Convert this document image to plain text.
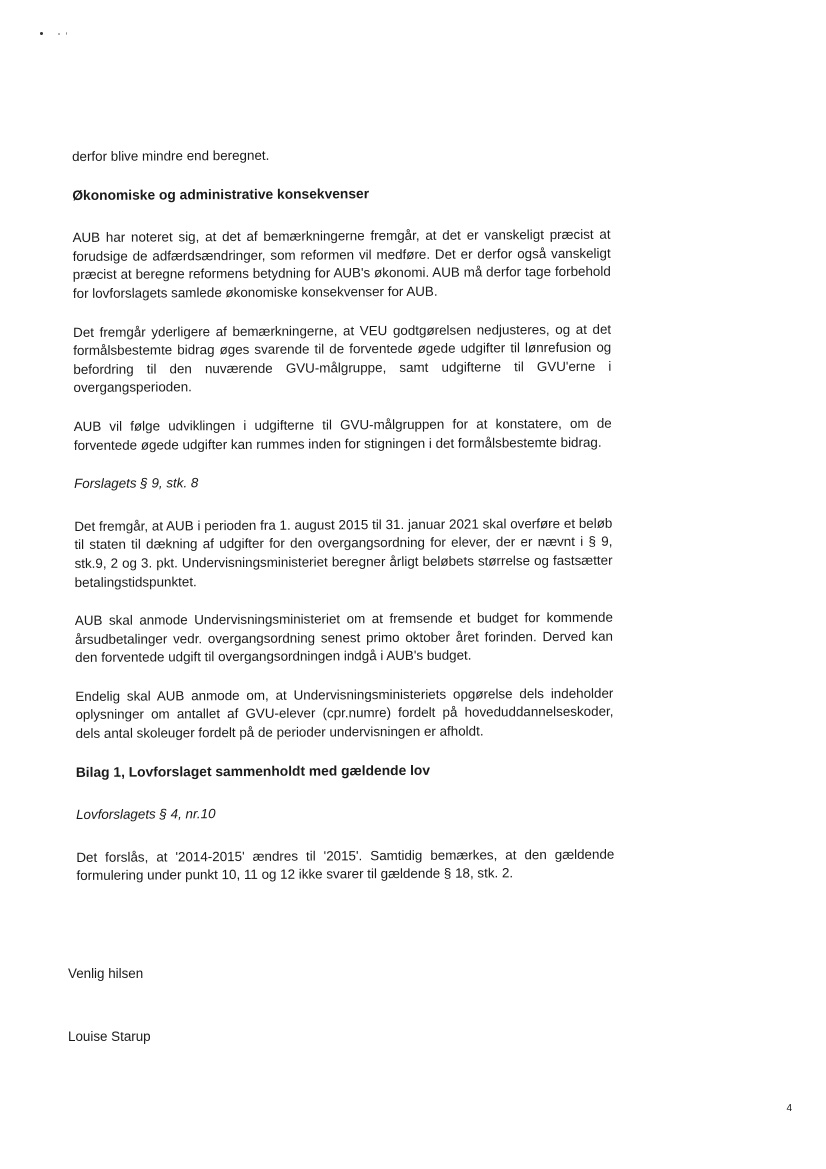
derfor blive mindre end beregnet.

Økonomiske og administrative konsekvenser

AUB har noteret sig, at det af bemærkningerne fremgår, at det er vanskeligt præcist at forudsige de adfærdsændringer, som reformen vil medføre. Det er derfor også vanskeligt præcist at beregne reformens betydning for AUB's økonomi. AUB må derfor tage forbehold for lovforslagets samlede økonomiske konsekvenser for AUB.

Det fremgår yderligere af bemærkningerne, at VEU godtgørelsen nedjusteres, og at det formålsbestemte bidrag øges svarende til de forventede øgede udgifter til lønrefusion og befordring til den nuværende GVU-målgruppe, samt udgifterne til GVU'erne i overgangsperioden.

AUB vil følge udviklingen i udgifterne til GVU-målgruppen for at konstatere, om de forventede øgede udgifter kan rummes inden for stigningen i det formålsbestemte bidrag.

Forslagets § 9, stk. 8

Det fremgår, at AUB i perioden fra 1. august 2015 til 31. januar 2021 skal overføre et beløb til staten til dækning af udgifter for den overgangsordning for elever, der er nævnt i § 9, stk.9, 2 og 3. pkt. Undervisningsministeriet beregner årligt beløbets størrelse og fastsætter betalingstidspunktet.

AUB skal anmode Undervisningsministeriet om at fremsende et budget for kommende årsudbetalinger vedr. overgangsordning senest primo oktober året forinden. Derved kan den forventede udgift til overgangsordningen indgå i AUB's budget.

Endelig skal AUB anmode om, at Undervisningsministeriets opgørelse dels indeholder oplysninger om antallet af GVU-elever (cpr.numre) fordelt på hoveduddannelseskoder, dels antal skoleuger fordelt på de perioder undervisningen er afholdt.

Bilag 1, Lovforslaget sammenholdt med gældende lov

Lovforslagets § 4, nr.10

Det forslås, at '2014-2015' ændres til '2015'. Samtidig bemærkes, at den gældende formulering under punkt 10, 11 og 12 ikke svarer til gældende § 18, stk. 2.

Venlig hilsen
Louise Starup
4
